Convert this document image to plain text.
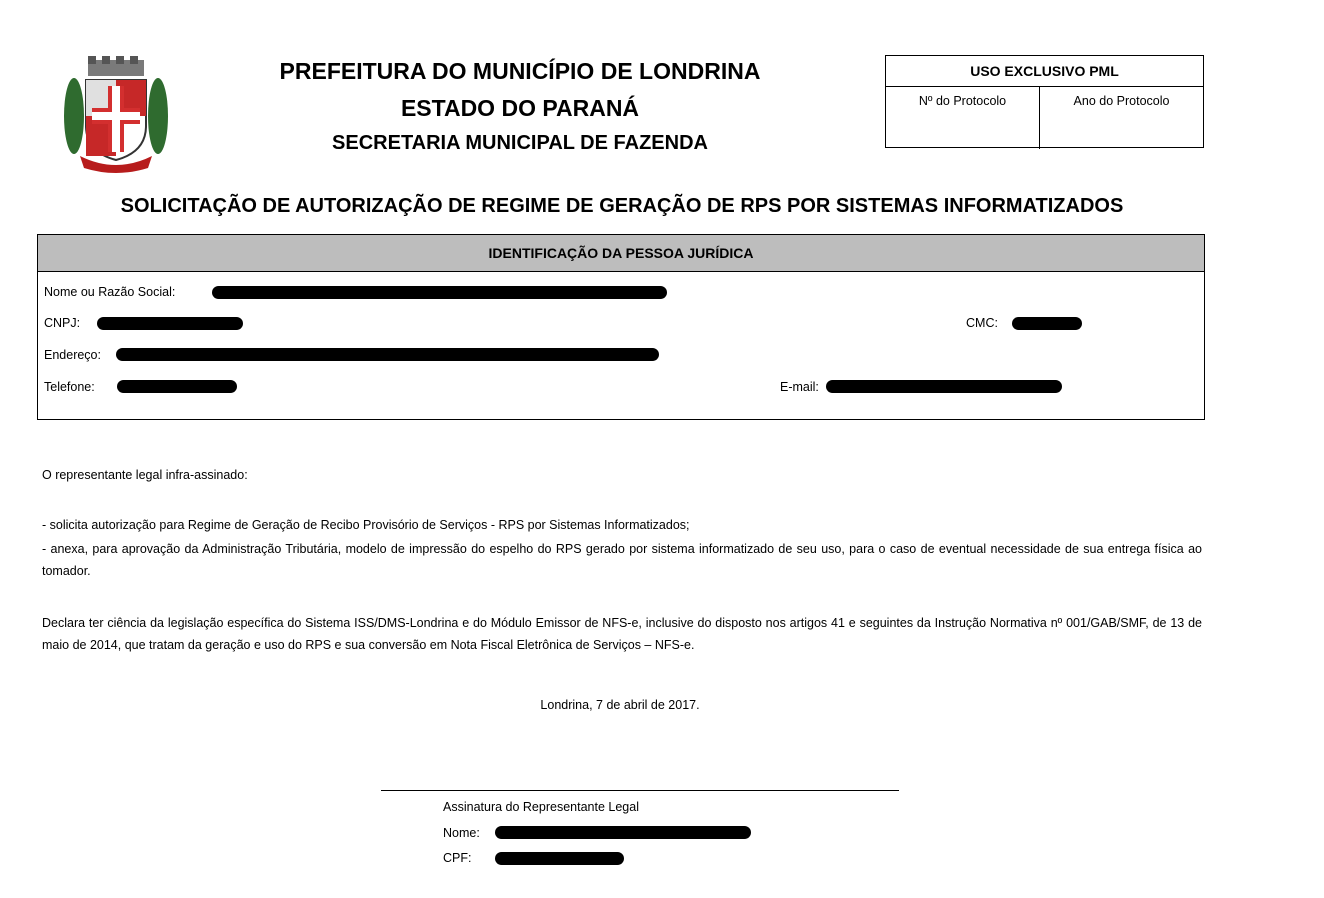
PREFEITURA DO MUNICÍPIO DE LONDRINA
ESTADO DO PARANÁ
SECRETARIA MUNICIPAL DE FAZENDA
USO EXCLUSIVO PML
Nº do Protocolo	Ano do Protocolo
SOLICITAÇÃO DE AUTORIZAÇÃO DE REGIME DE GERAÇÃO DE RPS POR SISTEMAS INFORMATIZADOS
IDENTIFICAÇÃO DA PESSOA JURÍDICA
Nome ou Razão Social:
CNPJ:	CMC:
Endereço:
Telefone:	E-mail:
O representante legal infra-assinado:
- solicita autorização para Regime de Geração de Recibo Provisório de Serviços - RPS por Sistemas Informatizados;
- anexa, para aprovação da Administração Tributária, modelo de impressão do espelho do RPS gerado por sistema informatizado de seu uso, para o caso de eventual necessidade de sua entrega física ao tomador.
Declara ter ciência da legislação específica do Sistema ISS/DMS-Londrina e do Módulo Emissor de NFS-e, inclusive do disposto nos artigos 41 e seguintes da Instrução Normativa nº 001/GAB/SMF, de 13 de maio de 2014, que tratam da geração e uso do RPS e sua conversão em Nota Fiscal Eletrônica de Serviços – NFS-e.
Londrina, 7 de abril de 2017.
Assinatura do Representante Legal
Nome:
CPF:
